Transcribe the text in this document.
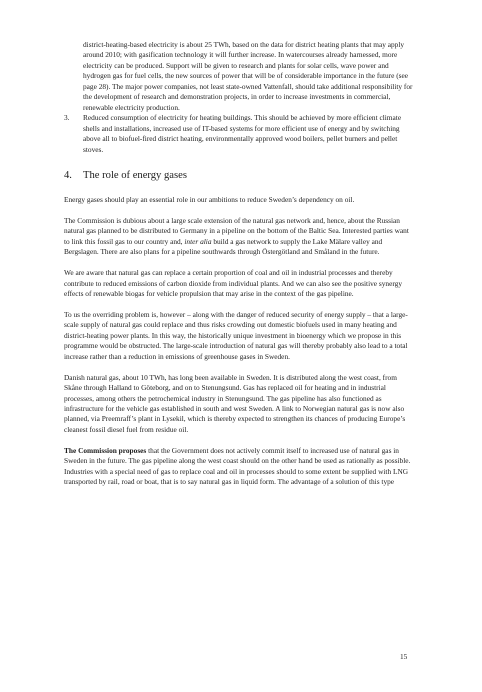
district-heating-based electricity is about 25 TWh, based on the data for district heating plants that may apply around 2010; with gasification technology it will further increase. In watercourses already harnessed, more electricity can be produced. Support will be given to research and plants for solar cells, wave power and hydrogen gas for fuel cells, the new sources of power that will be of considerable importance in the future (see page 28). The major power companies, not least state-owned Vattenfall, should take additional responsibility for the development of research and demonstration projects, in order to increase investments in commercial, renewable electricity production.

3.	Reduced consumption of electricity for heating buildings. This should be achieved by more efficient climate shells and installations, increased use of IT-based systems for more efficient use of energy and by switching above all to biofuel-fired district heating, environmentally approved wood boilers, pellet burners and pellet stoves.
4.	The role of energy gases

Energy gases should play an essential role in our ambitions to reduce Sweden’s dependency on oil.

The Commission is dubious about a large scale extension of the natural gas network and, hence, about the Russian natural gas planned to be distributed to Germany in a pipeline on the bottom of the Baltic Sea. Interested parties want to link this fossil gas to our country and, inter alia build a gas network to supply the Lake Mälare valley and Bergslagen. There are also plans for a pipeline southwards through Östergötland and Småland in the future.

We are aware that natural gas can replace a certain proportion of coal and oil in industrial processes and thereby contribute to reduced emissions of carbon dioxide from individual plants. And we can also see the positive synergy effects of renewable biogas for vehicle propulsion that may arise in the context of the gas pipeline.

To us the overriding problem is, however – along with the danger of reduced security of energy supply – that a large-scale supply of natural gas could replace and thus risks crowding out domestic biofuels used in many heating and district-heating power plants. In this way, the historically unique investment in bioenergy which we propose in this programme would be obstructed. The large-scale introduction of natural gas will thereby probably also lead to a total increase rather than a reduction in emissions of greenhouse gases in Sweden.

Danish natural gas, about 10 TWh, has long been available in Sweden. It is distributed along the west coast, from Skåne through Halland to Göteborg, and on to Stenungsund. Gas has replaced oil for heating and in industrial processes, among others the petrochemical industry in Stenungsund. The gas pipeline has also functioned as infrastructure for the vehicle gas established in south and west Sweden. A link to Norwegian natural gas is now also planned, via Preemraff’s plant in Lysekil, which is thereby expected to strengthen its chances of producing Europe’s cleanest fossil diesel fuel from residue oil.

The Commission proposes that the Government does not actively commit itself to increased use of natural gas in Sweden in the future. The gas pipeline along the west coast should on the other hand be used as rationally as possible. Industries with a special need of gas to replace coal and oil in processes should to some extent be supplied with LNG transported by rail, road or boat, that is to say natural gas in liquid form. The advantage of a solution of this type

15
